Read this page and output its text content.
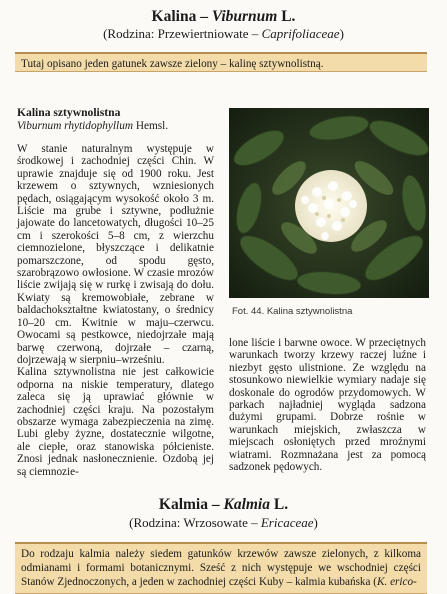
Kalina – Viburnum L.
(Rodzina: Przewiertniowate – Caprifoliaceae)
Tutaj opisano jeden gatunek zawsze zielony – kalinę sztywnolistną.
Kalina sztywnolistna
Viburnum rhytidophyllum Hemsl.

W stanie naturalnym występuje w środkowej i zachodniej części Chin. W uprawie znajduje się od 1900 roku. Jest krzewem o sztywnych, wzniesionych pędach, osiągającym wysokość około 3 m. Liście ma grube i sztywne, podłużnie jajowate do lancetowatych, długości 10–25 cm i szerokości 5–8 cm, z wierzchu ciemnozielone, błyszczące i delikatnie pomarszczone, od spodu gęsto, szarobrązowo owłosione. W czasie mrozów liście zwijają się w rurkę i zwisają do dołu. Kwiaty są kremowobiałe, zebrane w baldachokształtne kwiatostany, o średnicy 10–20 cm. Kwitnie w maju–czerwcu. Owocami są pestkowce, niedojrzałe mają barwę czerwoną, dojrzałe – czarną, dojrzewają w sierpniu–wrześniu.

Kalina sztywnolistna nie jest całkowicie odporna na niskie temperatury, dlatego zaleca się ją uprawiać głównie w zachodniej części kraju. Na pozostałym obszarze wymaga zabezpieczenia na zimę. Lubi gleby żyzne, dostatecznie wilgotne, ale ciepłe, oraz stanowiska półcieniste. Znosi jednak nasłonecznienie. Ozdobą jej są ciemnozie-

Fot. 44. Kalina sztywnolistna

lone liście i barwne owoce. W przeciętnych warunkach tworzy krzewy raczej luźne i niezbyt gęsto ulistnione. Ze względu na stosunkowo niewielkie wymiary nadaje się doskonale do ogrodów przydomowych. W parkach najładniej wygląda sadzona dużymi grupami. Dobrze rośnie w warunkach miejskich, zwłaszcza w miejscach osłoniętych przed mroźnymi wiatrami. Rozmnażana jest za pomocą sadzonek pędowych.

Kalmia – Kalmia L.
(Rodzina: Wrzosowate – Ericaceae)
Do rodzaju kalmia należy siedem gatunków krzewów zawsze zielonych, z kilkoma odmianami i formami botanicznymi. Sześć z nich występuje we wschodniej części Stanów Zjednoczonych, a jeden w zachodniej części Kuby – kalmia kubańska (K. erico-
